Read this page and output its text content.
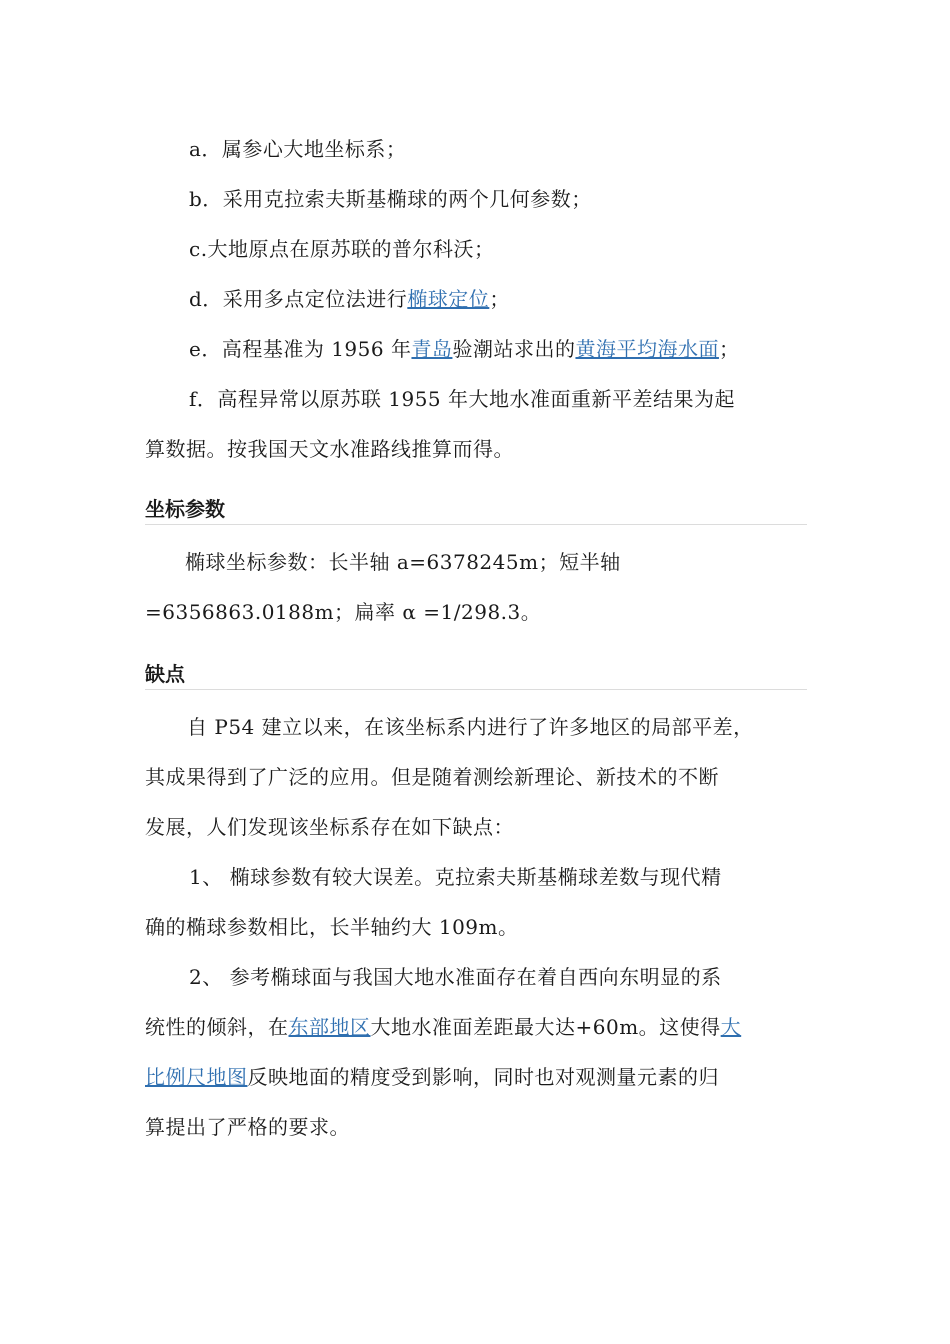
a．属参心大地坐标系；
b．采用克拉索夫斯基椭球的两个几何参数；
c.大地原点在原苏联的普尔科沃；
d．采用多点定位法进行椭球定位；
e．高程基准为 1956 年青岛验潮站求出的黄海平均海水面；
f．高程异常以原苏联 1955 年大地水准面重新平差结果为起
算数据。按我国天文水准路线推算而得。
坐标参数
椭球坐标参数：长半轴 a=6378245m；短半轴
=6356863.0188m；扁率 α =1/298.3。
缺点
自 P54 建立以来，在该坐标系内进行了许多地区的局部平差，
其成果得到了广泛的应用。但是随着测绘新理论、新技术的不断
发展，人们发现该坐标系存在如下缺点：
1、 椭球参数有较大误差。克拉索夫斯基椭球差数与现代精
确的椭球参数相比，长半轴约大 109m。
2、 参考椭球面与我国大地水准面存在着自西向东明显的系
统性的倾斜，在东部地区大地水准面差距最大达+60m。这使得大
比例尺地图反映地面的精度受到影响，同时也对观测量元素的归
算提出了严格的要求。
